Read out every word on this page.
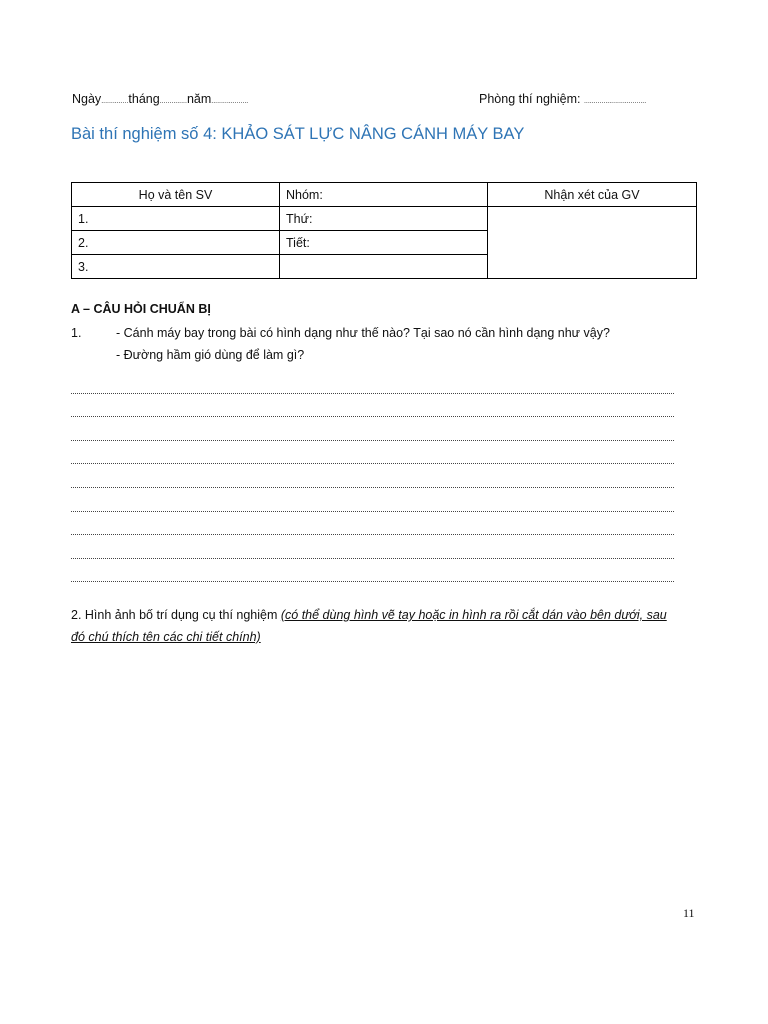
Ngày..............tháng..............năm...................	Phòng thí nghiệm: ................................
Bài thí nghiệm số 4: KHẢO SÁT LỰC NÂNG CÁNH MÁY BAY
Họ và tên SV	Nhóm:	Nhận xét của GV
1.	Thứ:	
2.	Tiết:	
3.		
A – CÂU HỎI CHUẨN BỊ
1.	- Cánh máy bay trong bài có hình dạng như thế nào? Tại sao nó cần hình dạng như vậy?
- Đường hầm gió dùng để làm gì?
2. Hình ảnh bố trí dụng cụ thí nghiệm (có thể dùng hình vẽ tay hoặc in hình ra rồi cắt dán vào bên dưới, sau đó chú thích tên các chi tiết chính)
11
